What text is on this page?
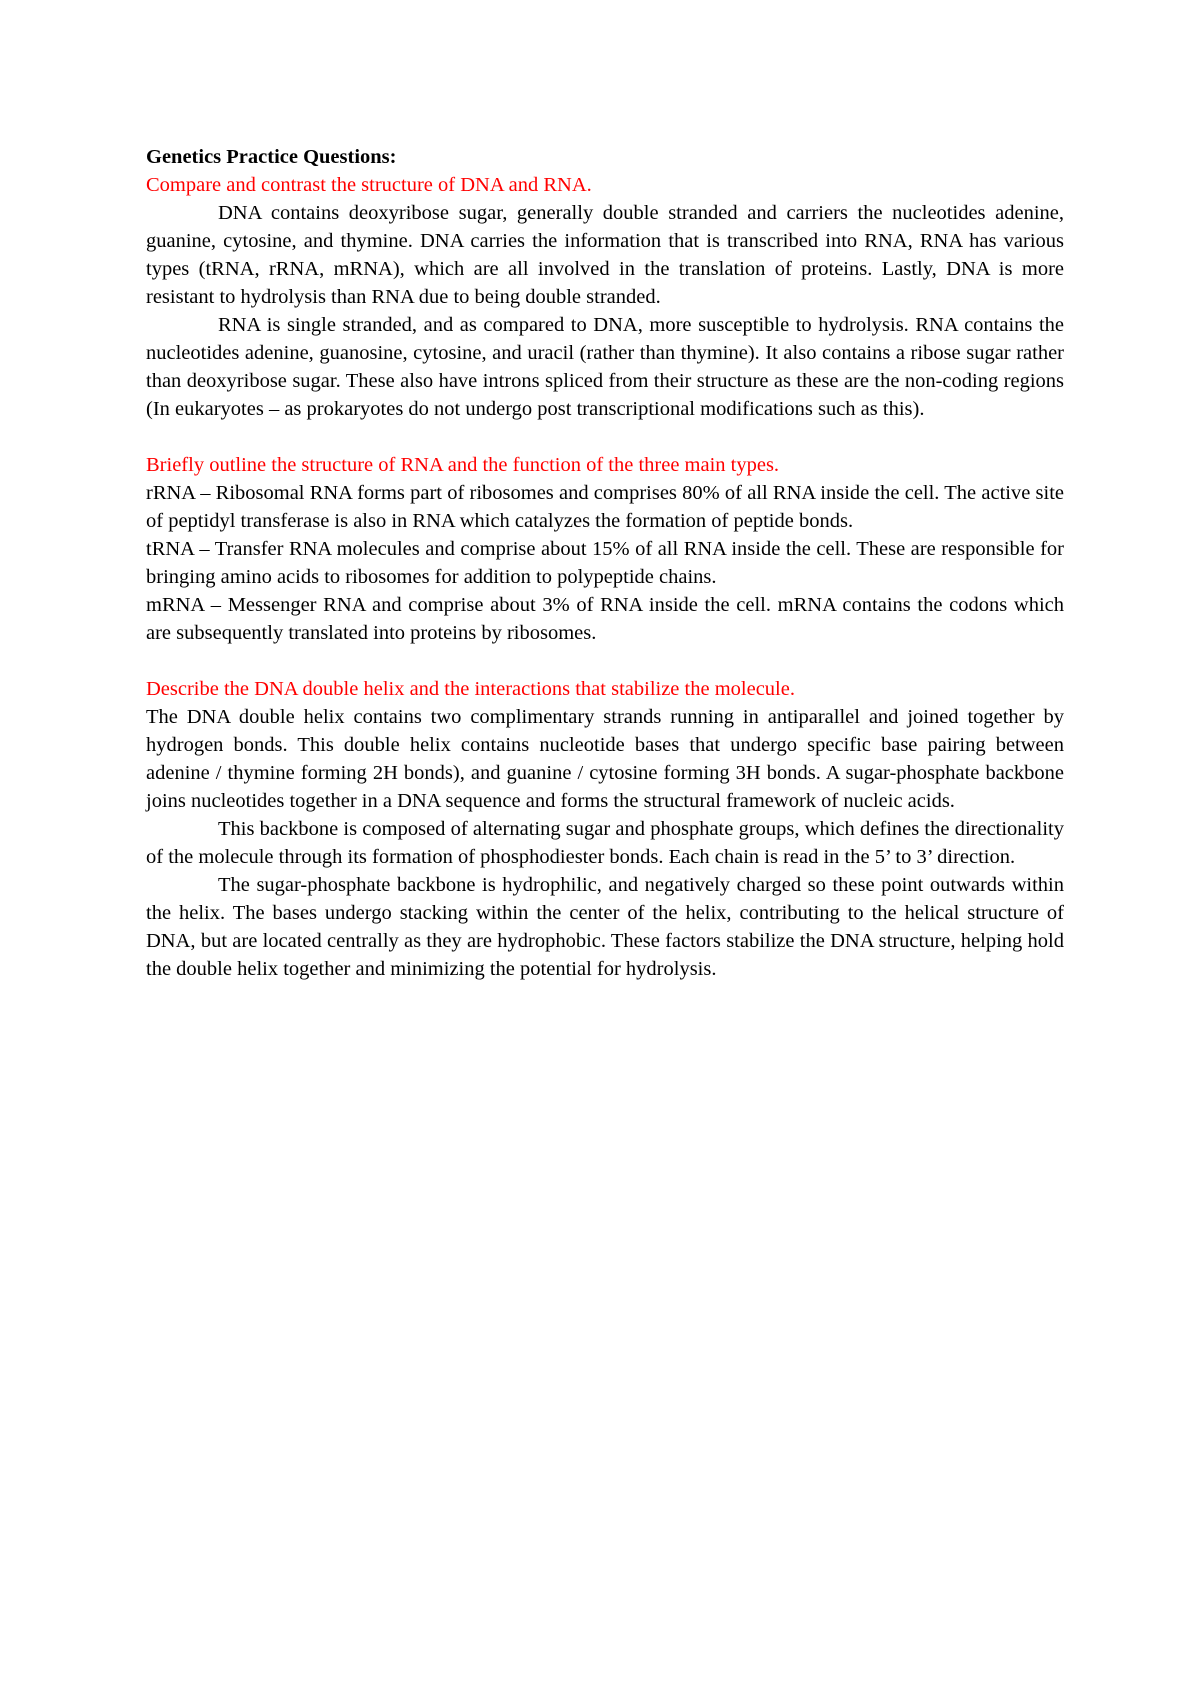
Genetics Practice Questions:

Compare and contrast the structure of DNA and RNA.

DNA contains deoxyribose sugar, generally double stranded and carriers the nucleotides adenine, guanine, cytosine, and thymine. DNA carries the information that is transcribed into RNA, RNA has various types (tRNA, rRNA, mRNA), which are all involved in the translation of proteins. Lastly, DNA is more resistant to hydrolysis than RNA due to being double stranded.

RNA is single stranded, and as compared to DNA, more susceptible to hydrolysis. RNA contains the nucleotides adenine, guanosine, cytosine, and uracil (rather than thymine). It also contains a ribose sugar rather than deoxyribose sugar. These also have introns spliced from their structure as these are the non-coding regions (In eukaryotes – as prokaryotes do not undergo post transcriptional modifications such as this).

Briefly outline the structure of RNA and the function of the three main types.

rRNA – Ribosomal RNA forms part of ribosomes and comprises 80% of all RNA inside the cell. The active site of peptidyl transferase is also in RNA which catalyzes the formation of peptide bonds.

tRNA – Transfer RNA molecules and comprise about 15% of all RNA inside the cell. These are responsible for bringing amino acids to ribosomes for addition to polypeptide chains.

mRNA – Messenger RNA and comprise about 3% of RNA inside the cell. mRNA contains the codons which are subsequently translated into proteins by ribosomes.

Describe the DNA double helix and the interactions that stabilize the molecule.

The DNA double helix contains two complimentary strands running in antiparallel and joined together by hydrogen bonds. This double helix contains nucleotide bases that undergo specific base pairing between adenine / thymine forming 2H bonds), and guanine / cytosine forming 3H bonds. A sugar-phosphate backbone joins nucleotides together in a DNA sequence and forms the structural framework of nucleic acids.

This backbone is composed of alternating sugar and phosphate groups, which defines the directionality of the molecule through its formation of phosphodiester bonds. Each chain is read in the 5’ to 3’ direction.

The sugar-phosphate backbone is hydrophilic, and negatively charged so these point outwards within the helix. The bases undergo stacking within the center of the helix, contributing to the helical structure of DNA, but are located centrally as they are hydrophobic. These factors stabilize the DNA structure, helping hold the double helix together and minimizing the potential for hydrolysis.
